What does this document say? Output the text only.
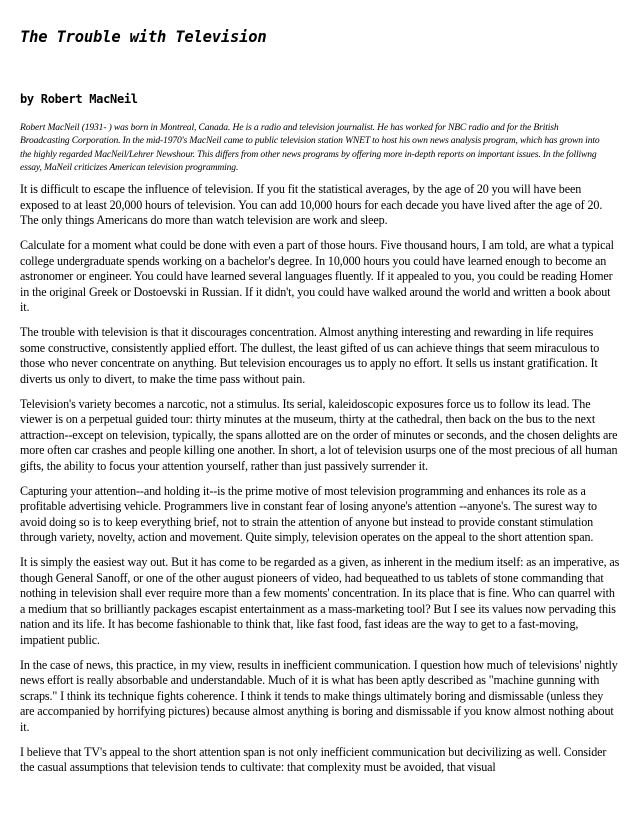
The Trouble with Television
by Robert MacNeil

Robert MacNeil (1931- ) was born in Montreal, Canada. He is a radio and television journalist. He has worked for NBC radio and for the British Broadcasting Corporation. In the mid-1970's MacNeil came to public television station WNET to host his own news analysis program, which has grown into the highly regarded MacNeil/Lehrer Newshour. This differs from other news programs by offering more in-depth reports on important issues. In the folliwng essay, MaNeil criticizes American television programming.

It is difficult to escape the influence of television. If you fit the statistical averages, by the age of 20 you will have been exposed to at least 20,000 hours of television. You can add 10,000 hours for each decade you have lived after the age of 20. The only things Americans do more than watch television are work and sleep.

Calculate for a moment what could be done with even a part of those hours. Five thousand hours, I am told, are what a typical college undergraduate spends working on a bachelor's degree. In 10,000 hours you could have learned enough to become an astronomer or engineer. You could have learned several languages fluently. If it appealed to you, you could be reading Homer in the original Greek or Dostoevski in Russian. If it didn't, you could have walked around the world and written a book about it.

The trouble with television is that it discourages concentration. Almost anything interesting and rewarding in life requires some constructive, consistently applied effort. The dullest, the least gifted of us can achieve things that seem miraculous to those who never concentrate on anything. But television encourages us to apply no effort. It sells us instant gratification. It diverts us only to divert, to make the time pass without pain.

Television's variety becomes a narcotic, not a stimulus. Its serial, kaleidoscopic exposures force us to follow its lead. The viewer is on a perpetual guided tour: thirty minutes at the museum, thirty at the cathedral, then back on the bus to the next attraction--except on television, typically, the spans allotted are on the order of minutes or seconds, and the chosen delights are more often car crashes and people killing one another. In short, a lot of television usurps one of the most precious of all human gifts, the ability to focus your attention yourself, rather than just passively surrender it.

Capturing your attention--and holding it--is the prime motive of most television programming and enhances its role as a profitable advertising vehicle. Programmers live in constant fear of losing anyone's attention --anyone's. The surest way to avoid doing so is to keep everything brief, not to strain the attention of anyone but instead to provide constant stimulation through variety, novelty, action and movement. Quite simply, television operates on the appeal to the short attention span.

It is simply the easiest way out. But it has come to be regarded as a given, as inherent in the medium itself: as an imperative, as though General Sanoff, or one of the other august pioneers of video, had bequeathed to us tablets of stone commanding that nothing in television shall ever require more than a few moments' concentration. In its place that is fine. Who can quarrel with a medium that so brilliantly packages escapist entertainment as a mass-marketing tool? But I see its values now pervading this nation and its life. It has become fashionable to think that, like fast food, fast ideas are the way to get to a fast-moving, impatient public.

In the case of news, this practice, in my view, results in inefficient communication. I question how much of televisions' nightly news effort is really absorbable and understandable. Much of it is what has been aptly described as "machine gunning with scraps." I think its technique fights coherence. I think it tends to make things ultimately boring and dismissable (unless they are accompanied by horrifying pictures) because almost anything is boring and dismissable if you know almost nothing about it.

I believe that TV's appeal to the short attention span is not only inefficient communication but decivilizing as well. Consider the casual assumptions that television tends to cultivate: that complexity must be avoided, that visual
